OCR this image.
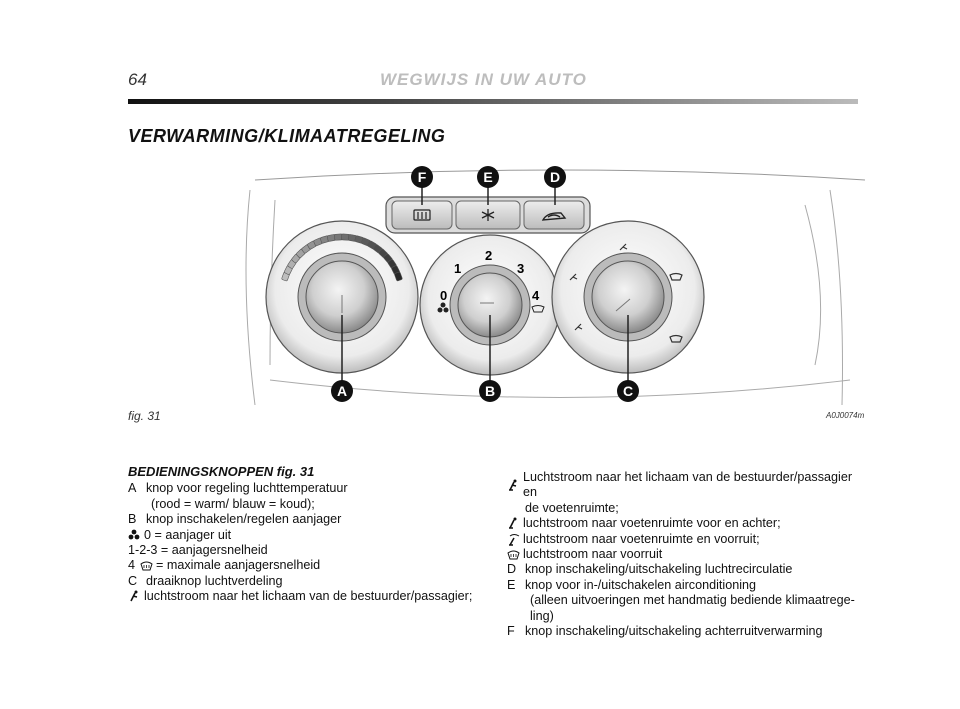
64	WEGWIJS IN UW AUTO
VERWARMING/KLIMAATREGELING
F	E	D
0
1
2
3
4
A	B	C
fig. 31	A0J0074m
BEDIENINGSKNOPPEN fig. 31
A knop voor regeling luchttemperatuur
(rood = warm/ blauw = koud);
B knop inschakelen/regelen aanjager
0 = aanjager uit
1-2-3 = aanjagersnelheid
4	= maximale aanjagersnelheid
C draaiknop luchtverdeling
luchtstroom naar het lichaam van de bestuurder/passagier;
Luchtstroom naar het lichaam van de bestuurder/passagier en
de voetenruimte;
luchtstroom naar voetenruimte voor en achter;
luchtstroom naar voetenruimte en voorruit;
luchtstroom naar voorruit
D knop inschakeling/uitschakeling luchtrecirculatie
E knop voor in-/uitschakelen airconditioning
(alleen uitvoeringen met handmatig bediende klimaatrege-
ling)
F knop inschakeling/uitschakeling achterruitverwarming
